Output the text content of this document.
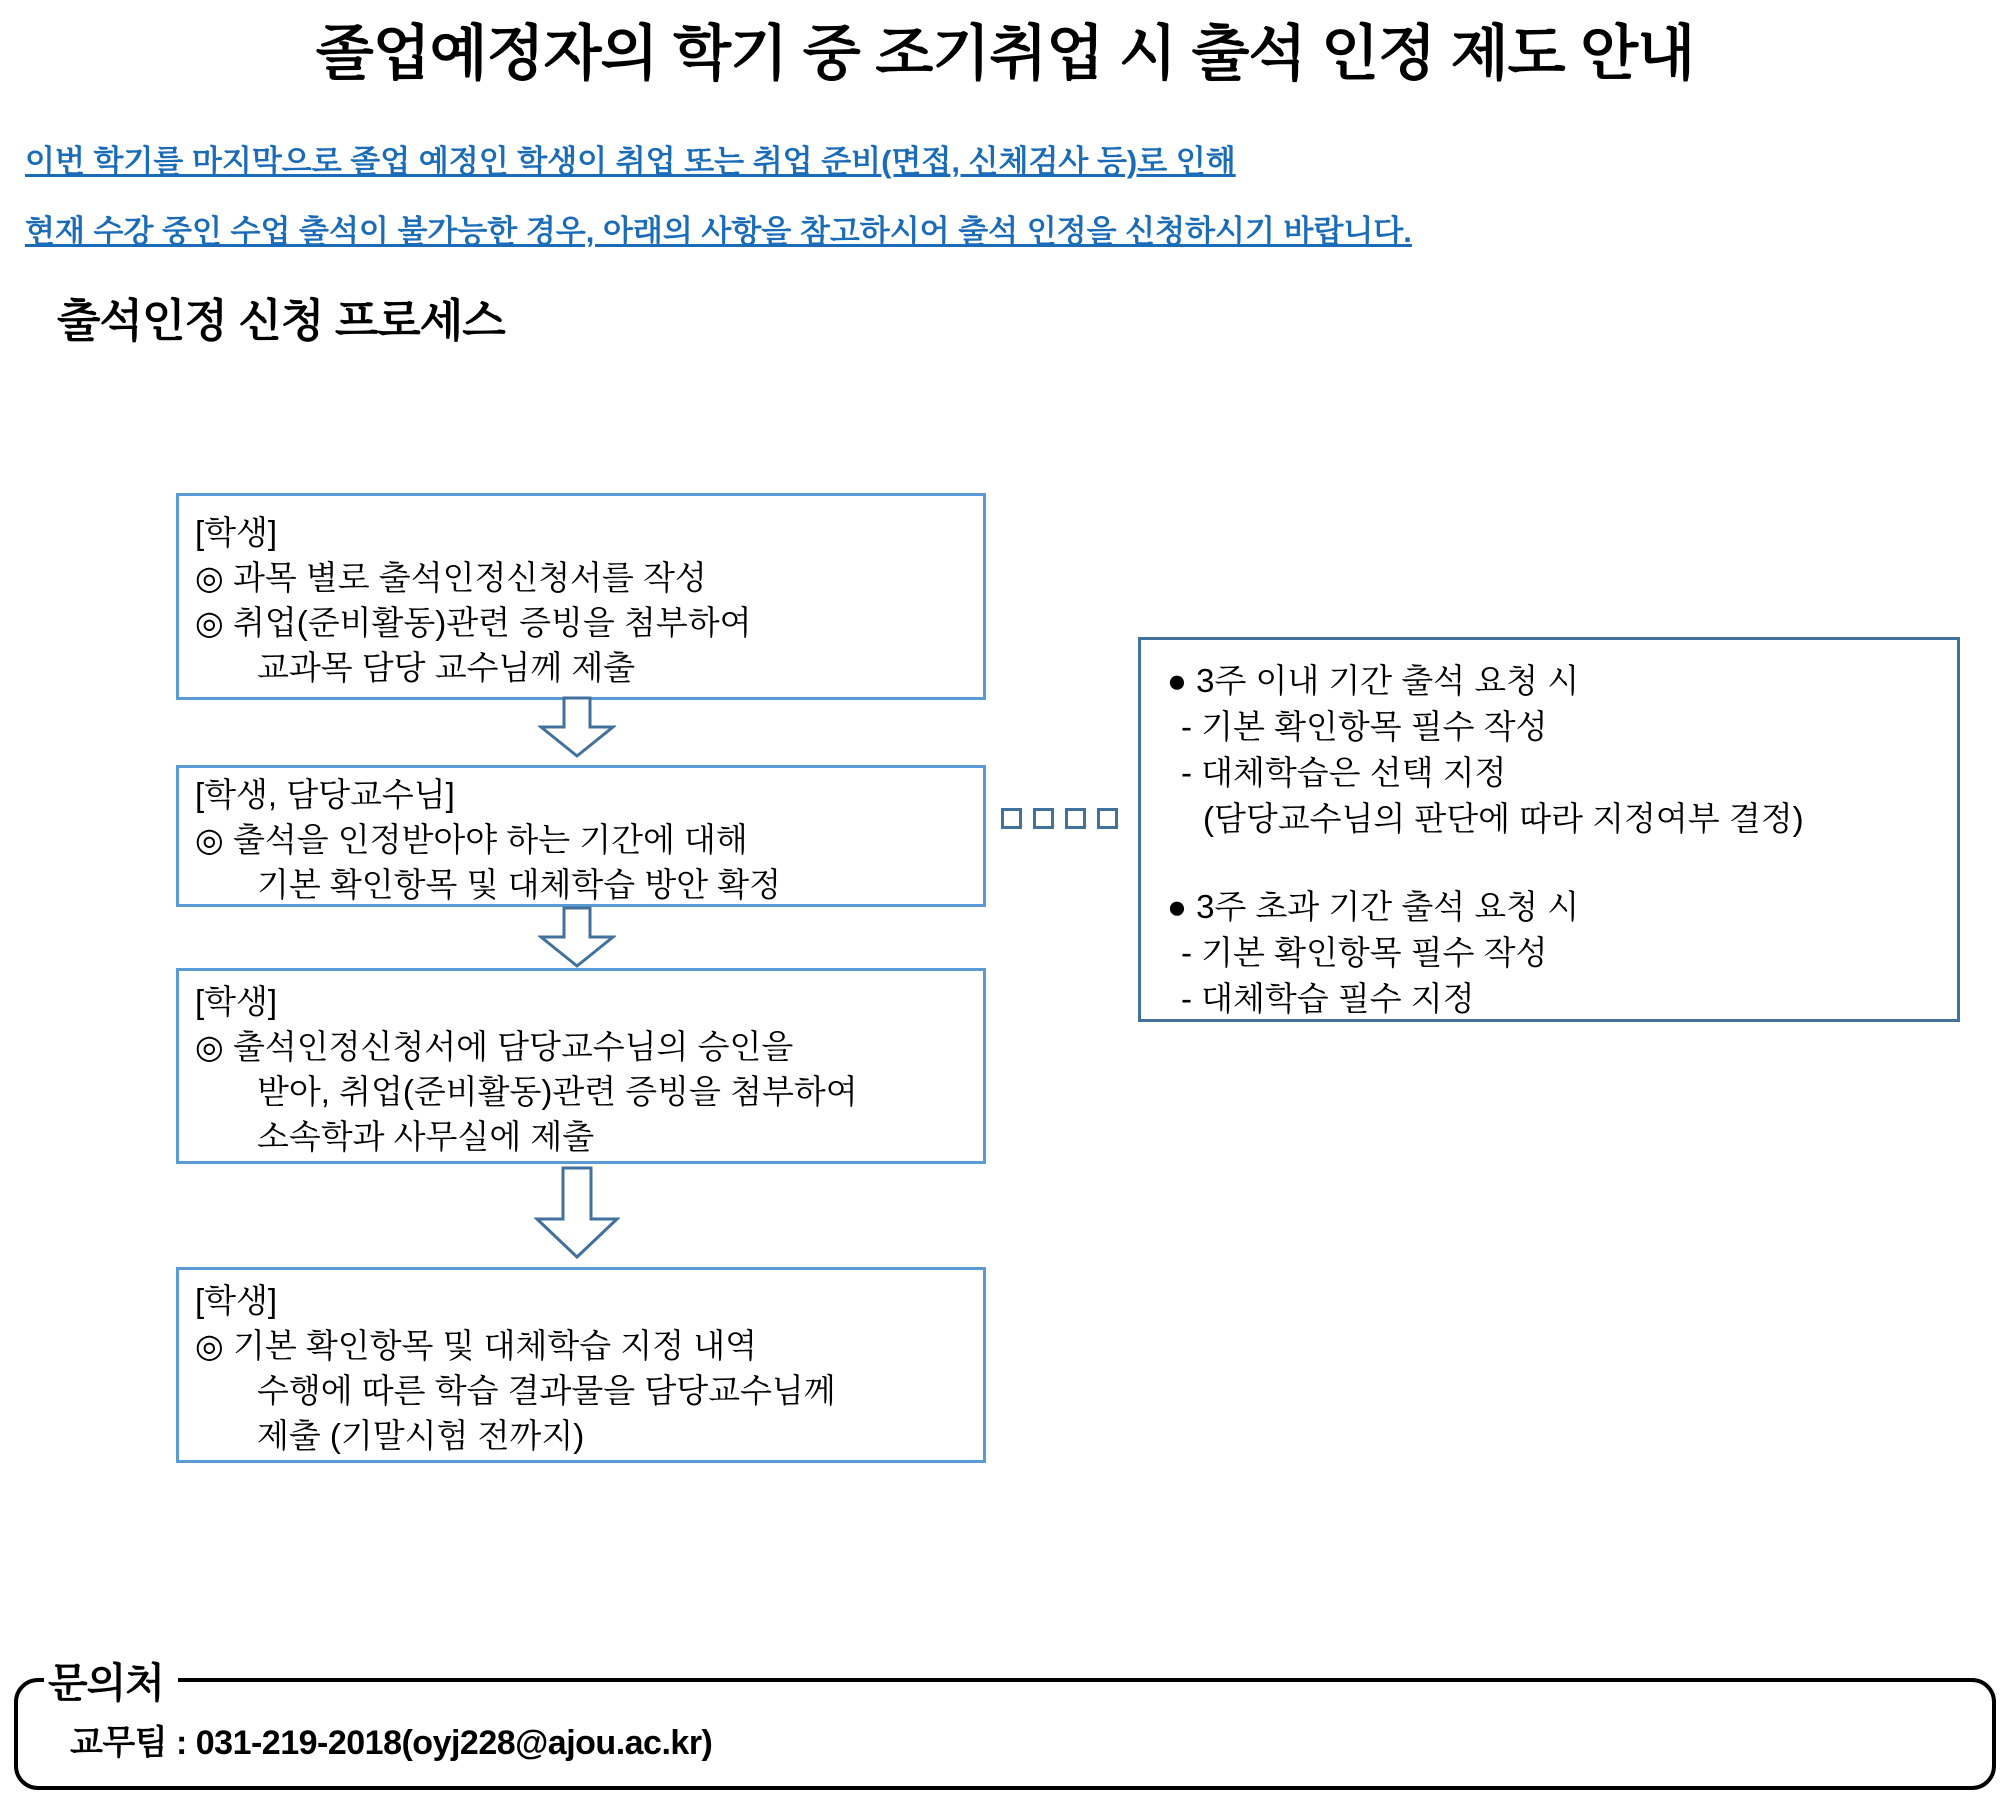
졸업예정자의 학기 중 조기취업 시 출석 인정 제도 안내
이번 학기를 마지막으로 졸업 예정인 학생이 취업 또는 취업 준비(면접, 신체검사 등)로 인해
현재 수강 중인 수업 출석이 불가능한 경우, 아래의 사항을 참고하시어 출석 인정을 신청하시기 바랍니다.
출석인정 신청 프로세스
[학생]
◎ 과목 별로 출석인정신청서를 작성
◎ 취업(준비활동)관련 증빙을 첨부하여
교과목 담당 교수님께 제출
[학생, 담당교수님]
◎ 출석을 인정받아야 하는 기간에 대해
기본 확인항목 및 대체학습 방안 확정
[학생]
◎ 출석인정신청서에 담당교수님의 승인을
받아, 취업(준비활동)관련 증빙을 첨부하여
소속학과 사무실에 제출
[학생]
◎ 기본 확인항목 및 대체학습 지정 내역
수행에 따른 학습 결과물을 담당교수님께
제출 (기말시험 전까지)
● 3주 이내 기간 출석 요청 시
- 기본 확인항목 필수 작성
- 대체학습은 선택 지정
(담당교수님의 판단에 따라 지정여부 결정)
● 3주 초과 기간 출석 요청 시
- 기본 확인항목 필수 작성
- 대체학습 필수 지정
문의처
교무팀 : 031-219-2018(oyj228@ajou.ac.kr)
